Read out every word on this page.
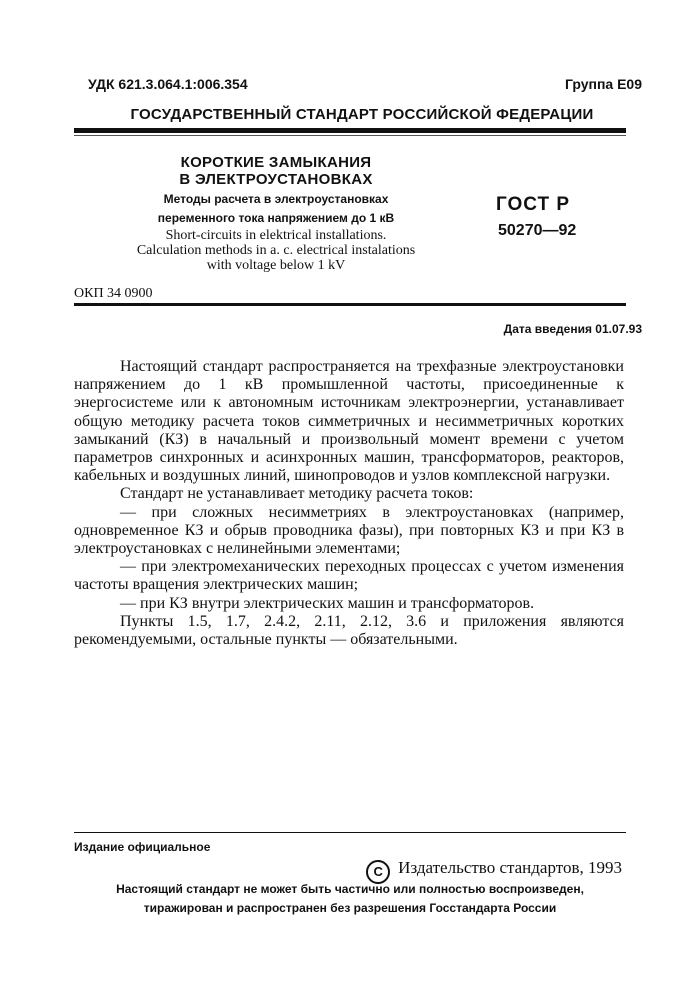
УДК 621.3.064.1:006.354	Группа Е09
ГОСУДАРСТВЕННЫЙ СТАНДАРТ РОССИЙСКОЙ ФЕДЕРАЦИИ
КОРОТКИЕ ЗАМЫКАНИЯ
В ЭЛЕКТРОУСТАНОВКАХ
Методы расчета в электроустановках
переменного тока напряжением до 1 кВ
Short-circuits in elektrical installations.
Calculation methods in a. c. electrical instalations
with voltage below 1 kV
ГОСТ Р
50270—92
ОКП 34 0900
Дата введения 01.07.93

Настоящий стандарт распространяется на трехфазные электроустановки напряжением до 1 кВ промышленной частоты, присоединенные к энергосистеме или к автономным источникам электроэнергии, устанавливает общую методику расчета токов симметричных и несимметричных коротких замыканий (КЗ) в начальный и произвольный момент времени с учетом параметров синхронных и асинхронных машин, трансформаторов, реакторов, кабельных и воздушных линий, шинопроводов и узлов комплексной нагрузки.

Стандарт не устанавливает методику расчета токов:

— при сложных несимметриях в электроустановках (например, одновременное КЗ и обрыв проводника фазы), при повторных КЗ и при КЗ в электроустановках с нелинейными элементами;

— при электромеханических переходных процессах с учетом изменения частоты вращения электрических машин;

— при КЗ внутри электрических машин и трансформаторов.

Пункты 1.5, 1.7, 2.4.2, 2.11, 2.12, 3.6 и приложения являются рекомендуемыми, остальные пункты — обязательными.

Издание официальное
C Издательство стандартов, 1993
Настоящий стандарт не может быть частично или полностью воспроизведен,
тиражирован и распространен без разрешения Госстандарта России
